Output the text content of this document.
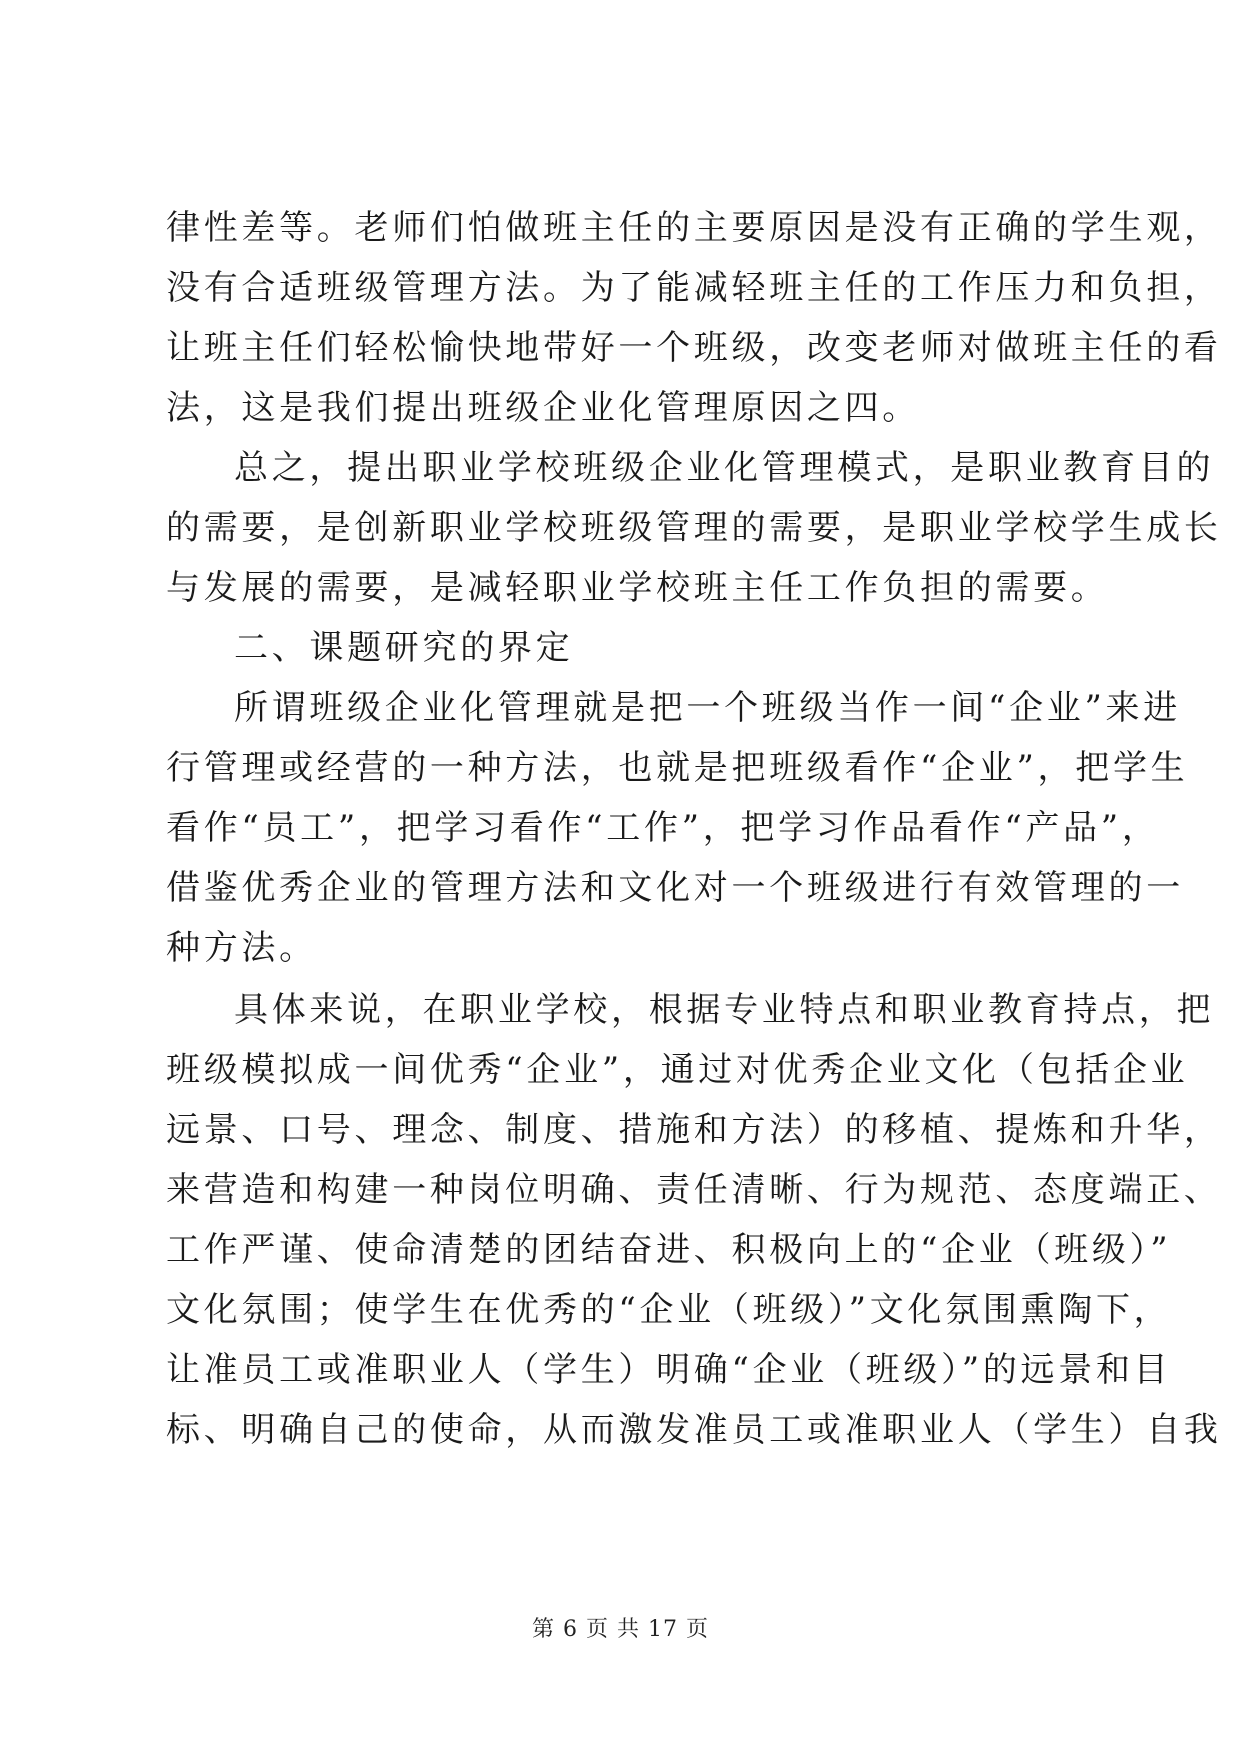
律性差等。老师们怕做班主任的主要原因是没有正确的学生观，
没有合适班级管理方法。为了能减轻班主任的工作压力和负担，
让班主任们轻松愉快地带好一个班级，改变老师对做班主任的看
法，这是我们提出班级企业化管理原因之四。
总之，提出职业学校班级企业化管理模式，是职业教育目的
的需要，是创新职业学校班级管理的需要，是职业学校学生成长
与发展的需要，是减轻职业学校班主任工作负担的需要。
二、课题研究的界定
所谓班级企业化管理就是把一个班级当作一间“企业”来进
行管理或经营的一种方法，也就是把班级看作“企业”，把学生
看作“员工”，把学习看作“工作”，把学习作品看作“产品”，
借鉴优秀企业的管理方法和文化对一个班级进行有效管理的一
种方法。
具体来说，在职业学校，根据专业特点和职业教育持点，把
班级模拟成一间优秀“企业”，通过对优秀企业文化（包括企业
远景、口号、理念、制度、措施和方法）的移植、提炼和升华，
来营造和构建一种岗位明确、责任清晰、行为规范、态度端正、
工作严谨、使命清楚的团结奋进、积极向上的“企业（班级）”
文化氛围；使学生在优秀的“企业（班级）”文化氛围熏陶下，
让准员工或准职业人（学生）明确“企业（班级）”的远景和目
标、明确自己的使命，从而激发准员工或准职业人（学生）自我
第 6 页 共 17 页
